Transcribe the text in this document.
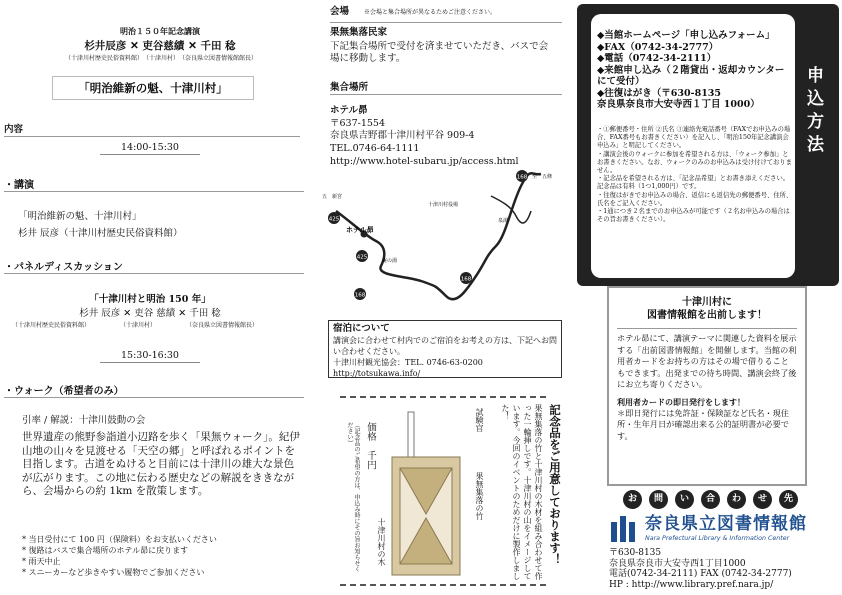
明治１５０年記念講演
杉井辰彦 ✕ 吏谷慈績 ✕ 千田 稔
（十津川村歴史民俗資料館）　（十津川村）　（奈良県立図書情報館館長）
「明治維新の魁、十津川村」
内容
14:00-15:30
・講演
「明治維新の魁、十津川村」
杉井 辰彦（十津川村歴史民俗資料館）
・パネルディスカッション
「十津川村と明治 150 年」
杉井 辰彦 ✕ 吏谷 慈績 ✕ 千田 稔
（十津川村歴史民俗資料館）	（十津川村）	（奈良県立図書情報館長）
15:30-16:30
・ウォーク（希望者のみ）
引率 / 解説：十津川鼓動の会
世界遺産の熊野参詣道小辺路を歩く「果無ウォーク」。紀伊山地の山々を見渡せる「天空の郷」と呼ばれるポイントを目指します。古道をぬけると目前には十津川の雄大な景色が広がります。この地に伝わる歴史などの解説をききながら、会場からの約 1km を散策します。
* 当日受付にて 100 円（保険料）をお支払いください
* 復路はバスで集合場所のホテル昴に戻ります
* 雨天中止
* スニーカーなど歩きやすい履物でご参加ください
会場 ※会場と集合場所が異なるためご注意ください。
果無集落民家
下記集合場所で受付を済ませていただき、バスで会場に移動します。
集合場所
ホテル昴
〒637-1554
奈良県吉野郡十津川村平谷 909-4
TEL.0746-64-1111
http://www.hotel-subaru.jp/access.html
168
168
168
425
425
ホテル昴
十津川村役場
泉湯
五　新宮
至　五條
庵の湯
宿泊について
講演会に合わせて村内でのご宿泊をお考えの方は、下記へお問い合わせください。
十津川村観光協会：TEL. 0746-63-0200
http://totsukawa.info/
記念品をご用意しております！
果無集落の竹と十津川村の木材を組み合わせて作った一輪挿しです。十津川村の山をイメージしています。今回のイベントのためだけに製作しました！
試験官
果無集落の竹
十津川村の木
価格　千円
（記念品のご希望の方は、申込み時にその旨お知らせください）
◆当館ホームページ「申し込みフォーム」
◆FAX（0742-34-2777）
◆電話（0742-34-2111）
◆来館申し込み（２階貸出・返却カウンターにて受付）
◆往復はがき（〒630-8135
奈良県奈良市大安寺西１丁目 1000）
・①郵便番号・住所 ②氏名 ③連絡先電話番号（FAXでお申込みの場合、FAX番号もお書きください）を記入し、「明治150年記念講演会申込み」と明記してください。
・講演会後のウォークに参加を希望される方は、「ウォーク参加」とお書きください。なお、ウォークのみのお申込みは受け付けておりません。
・記念品を希望される方は、「記念品希望」とお書き添えください。記念品は有料（1つ1,000円）です。
・往復はがきでお申込みの場合、返信にも返信先の郵便番号、住所、氏名をご記入ください。
・1通につき２名までのお申込みが可能です（２名お申込みの場合はその旨お書きください）。
申込方法
十津川村に
図書情報館を出前します！
ホテル昴にて、講演テーマに関連した資料を展示する「出前図書情報館」を開催します。当館の利用者カードをお持ちの方はその場で借りることもできます。出発までの待ち時間、講演会終了後にお立ち寄りください。
利用者カードの即日発行をします！
＊即日発行には免許証・保険証など氏名・現住所・生年月日が確認出来る公的証明書が必要です。
お	問	い	合	わ	せ	先
奈良県立図書情報館
Nara Prefectural Library & Information Center
〒630-8135
奈良県奈良市大安寺西1丁目1000
電話(0742-34-2111) FAX (0742-34-2777)
HP : http://www.library.pref.nara.jp/
